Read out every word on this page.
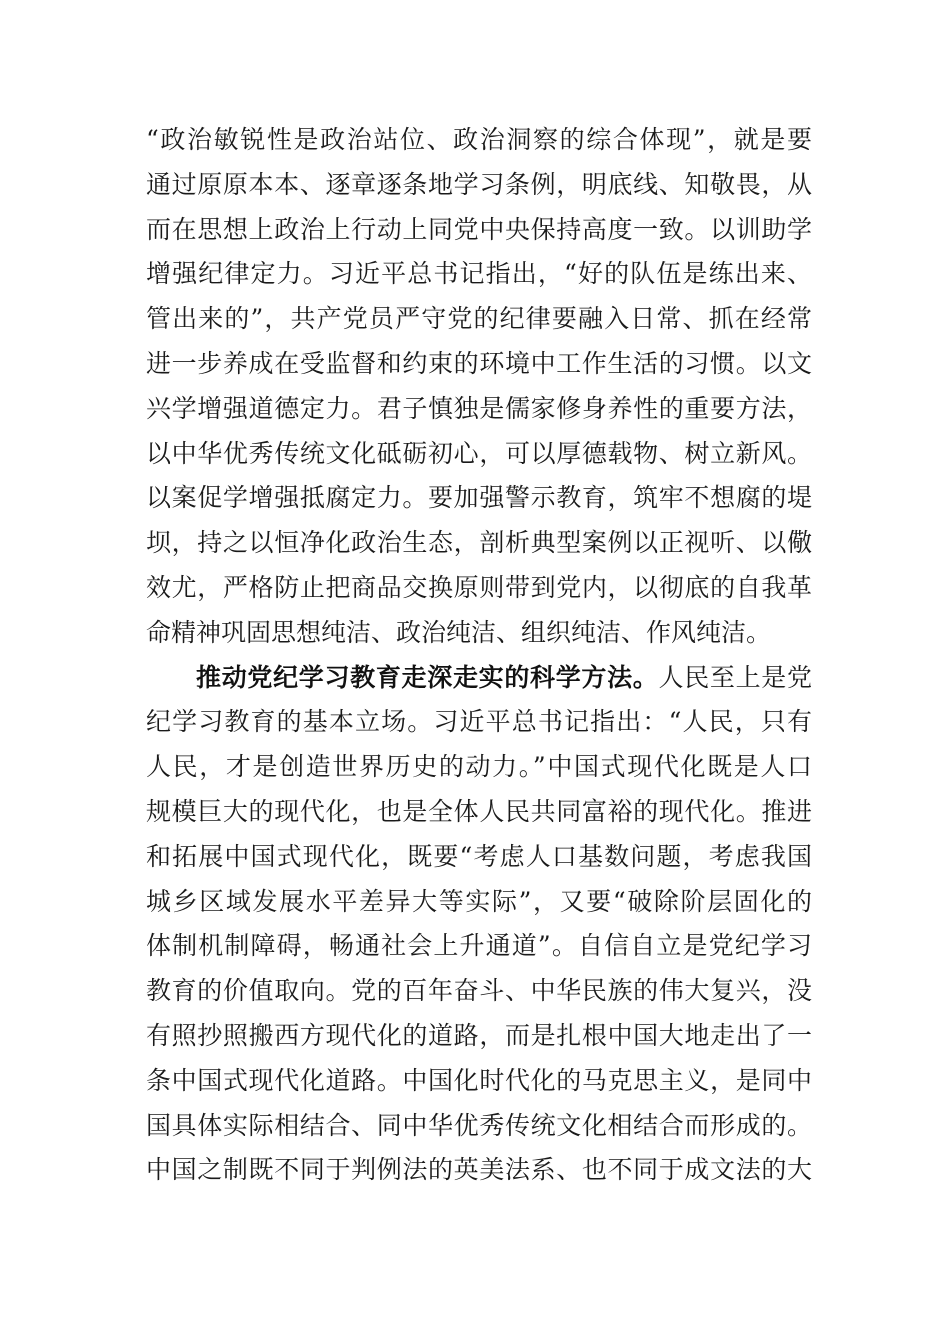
“政治敏锐性是政治站位、政治洞察的综合体现”，就是要
通过原原本本、逐章逐条地学习条例，明底线、知敬畏，从
而在思想上政治上行动上同党中央保持高度一致。以训助学
增强纪律定力。习近平总书记指出，“好的队伍是练出来、
管出来的”，共产党员严守党的纪律要融入日常、抓在经常
进一步养成在受监督和约束的环境中工作生活的习惯。以文
兴学增强道德定力。君子慎独是儒家修身养性的重要方法，
以中华优秀传统文化砥砺初心，可以厚德载物、树立新风。
以案促学增强抵腐定力。要加强警示教育，筑牢不想腐的堤
坝，持之以恒净化政治生态，剖析典型案例以正视听、以儆
效尤，严格防止把商品交换原则带到党内，以彻底的自我革
命精神巩固思想纯洁、政治纯洁、组织纯洁、作风纯洁。
推动党纪学习教育走深走实的科学方法。人民至上是党
纪学习教育的基本立场。习近平总书记指出：“人民，只有
人民，才是创造世界历史的动力。”中国式现代化既是人口
规模巨大的现代化，也是全体人民共同富裕的现代化。推进
和拓展中国式现代化，既要“考虑人口基数问题，考虑我国
城乡区域发展水平差异大等实际”，又要“破除阶层固化的
体制机制障碍，畅通社会上升通道”。自信自立是党纪学习
教育的价值取向。党的百年奋斗、中华民族的伟大复兴，没
有照抄照搬西方现代化的道路，而是扎根中国大地走出了一
条中国式现代化道路。中国化时代化的马克思主义，是同中
国具体实际相结合、同中华优秀传统文化相结合而形成的。
中国之制既不同于判例法的英美法系、也不同于成文法的大
